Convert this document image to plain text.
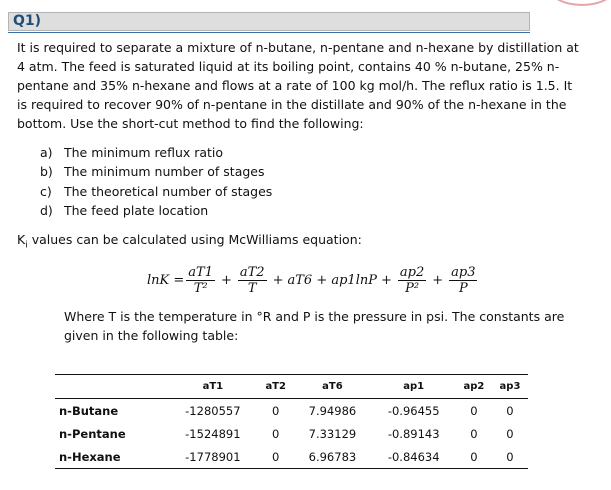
Q1)
It is required to separate a mixture of n-butane, n-pentane and n-hexane by distillation at
4 atm. The feed is saturated liquid at its boiling point, contains 40 % n-butane, 25% n-
pentane and 35% n-hexane and flows at a rate of 100 kg mol/h. The reflux ratio is 1.5. It
is required to recover 90% of n-pentane in the distillate and 90% of the n-hexane in the
bottom. Use the short-cut method to find the following:
a) The minimum reflux ratio
b) The minimum number of stages
c) The theoretical number of stages
d) The feed plate location
$K_i$ values can be calculated using McWilliams equation:
$\ln K = \frac{aT1}{\text{T²}} + \frac{aT2}{T} + aT6 + ap1\ln P + \frac{ap2}{\text{P²}} + \frac{ap3}{P}$
Where T is the temperature in °R and P is the pressure in psi. The constants are
given in the following table:
	aT1	aT2	aT6	ap1	ap2	ap3
n-Butane	-1280557	0	7.94986	-0.96455	0	0
n-Pentane	-1524891	0	7.33129	-0.89143	0	0
n-Hexane	-1778901	0	6.96783	-0.84634	0	0
